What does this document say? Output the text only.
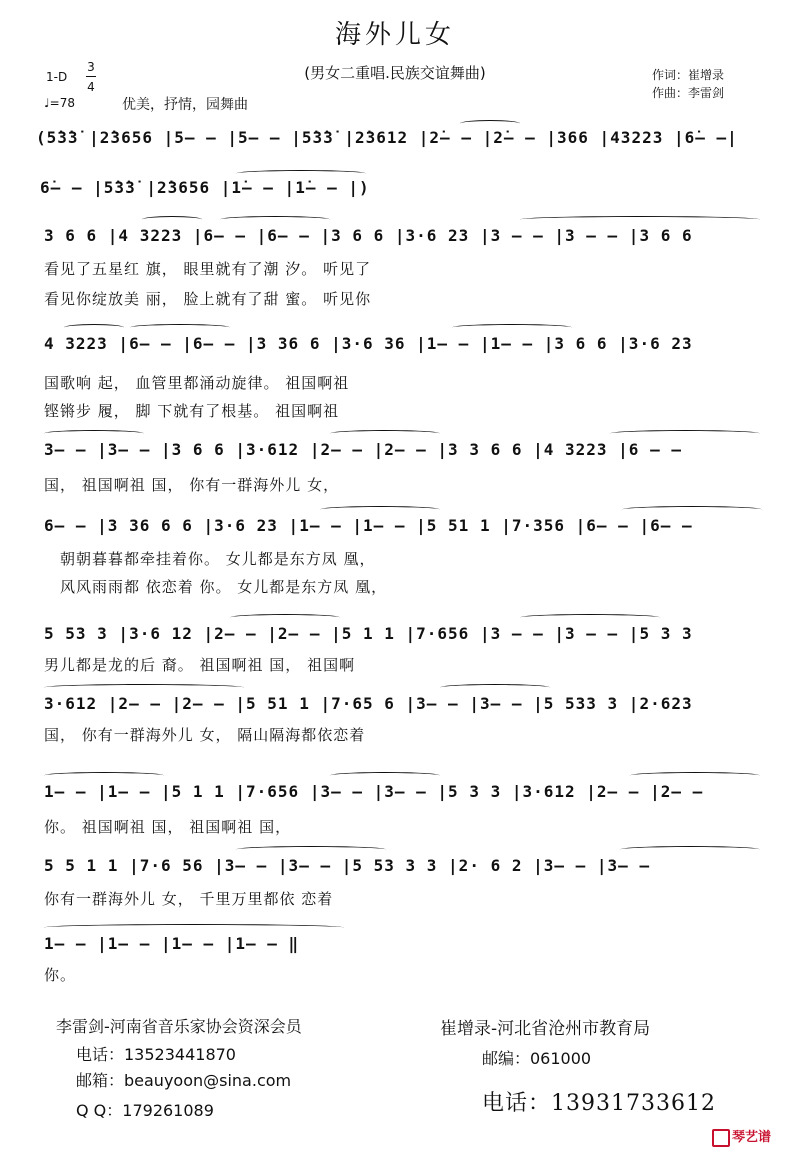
海外儿女
(男女二重唱.民族交谊舞曲)
1-D
3
4
♩=78	优美，抒情，园舞曲
作词：崔增录
作曲：李雷剑
(5̇3̇3̇ |2̇3656 |5– – |5– – |5̇3̇3̇ |2̇3612 |2̇– – |2̇– – |366 |43223 |6̇– –|
6̇– – |5̇3̇3̇ |2̇3656 |1̇– – |1̇– – |)
3 6 6 |4 3223 |6– – |6– – |3 6 6 |3·6 23 |3 – – |3 – – |3 6 6
看见了五星红 旗， 眼里就有了潮 汐。 听见了
看见你绽放美 丽， 脸上就有了甜 蜜。 听见你
4 3223 |6– – |6– – |3 36 6 |3·6 36 |1– – |1– – |3 6 6 |3·6 23
国歌响 起， 血管里都涌动旋律。 祖国啊祖
铿锵步 履， 脚 下就有了根基。 祖国啊祖
3– – |3– – |3 6 6 |3·612 |2– – |2– – |3 3 6 6 |4 3223 |6 – –
国， 祖国啊祖 国， 你有一群海外儿 女，
6– – |3 36 6 6 |3·6 23 |1– – |1– – |5 51 1 |7·356 |6– – |6– –
朝朝暮暮都牵挂着你。 女儿都是东方凤 凰，
风风雨雨都 依恋着 你。 女儿都是东方凤 凰，
5 53 3 |3·6 12 |2– – |2– – |5 1 1 |7·656 |3 – – |3 – – |5 3 3
男儿都是龙的后 裔。 祖国啊祖 国， 祖国啊
3·612 |2– – |2– – |5 51 1 |7·65 6 |3– – |3– – |5 533 3 |2·623
国， 你有一群海外儿 女， 隔山隔海都依恋着
1– – |1– – |5 1 1 |7·656 |3– – |3– – |5 3 3 |3·612 |2– – |2– –
你。 祖国啊祖 国， 祖国啊祖 国，
5 5 1 1 |7·6 56 |3– – |3– – |5 53 3 3 |2· 6 2 |3– – |3– –
你有一群海外儿 女， 千里万里都依 恋着
1– – |1– – |1– – |1– – ‖
你。
李雷剑-河南省音乐家协会资深会员
电话：13523441870
邮箱：beauyoon@sina.com
Q Q：179261089
崔增录-河北省沧州市教育局
邮编：061000
电话：13931733612
琴艺谱
